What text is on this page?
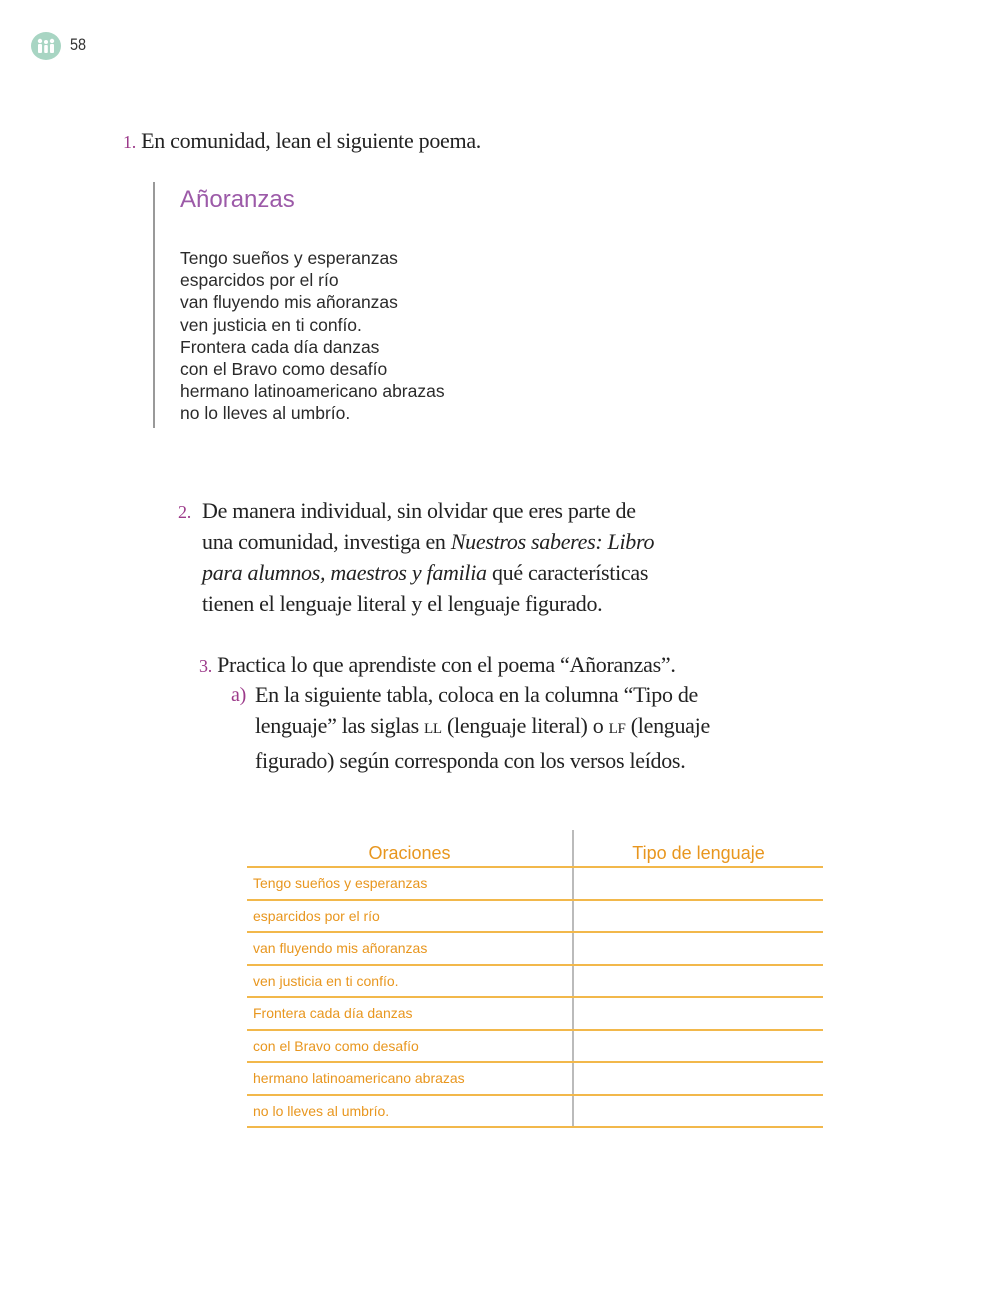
58
1. En comunidad, lean el siguiente poema.
Añoranzas
Tengo sueños y esperanzas
esparcidos por el río
van fluyendo mis añoranzas
ven justicia en ti confío.
Frontera cada día danzas
con el Bravo como desafío
hermano latinoamericano abrazas
no lo lleves al umbrío.
2. De manera individual, sin olvidar que eres parte de
una comunidad, investiga en Nuestros saberes: Libro
para alumnos, maestros y familia qué características
tienen el lenguaje literal y el lenguaje figurado.
3. Practica lo que aprendiste con el poema “Añoranzas”.
a) En la siguiente tabla, coloca en la columna “Tipo de
lenguaje” las siglas LL (lenguaje literal) o LF (lenguaje
figurado) según corresponda con los versos leídos.
Oraciones	Tipo de lenguaje
Tengo sueños y esperanzas
esparcidos por el río
van fluyendo mis añoranzas
ven justicia en ti confío.
Frontera cada día danzas
con el Bravo como desafío
hermano latinoamericano abrazas
no lo lleves al umbrío.
